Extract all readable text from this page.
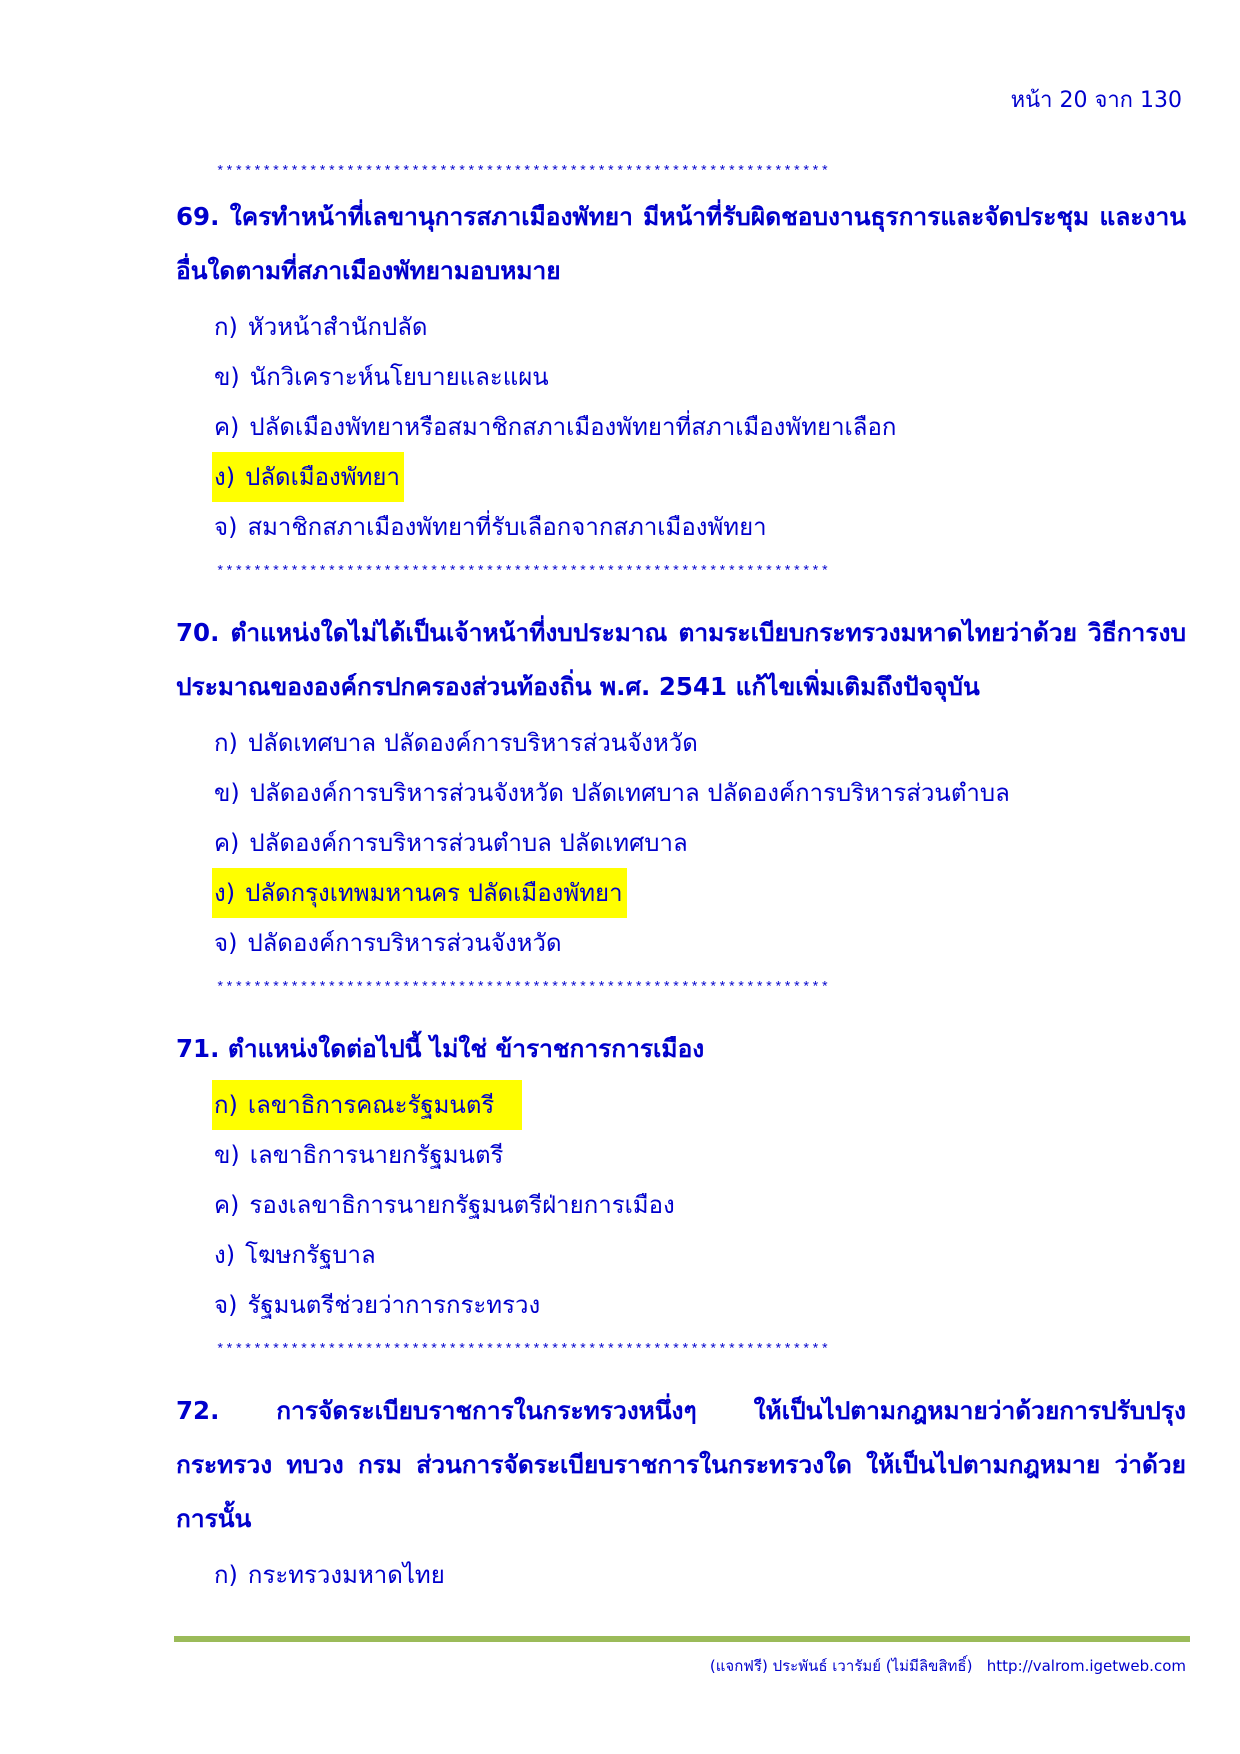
หน้า 20 จาก 130
******************************************************************
69. ใครทำหน้าที่เลขานุการสภาเมืองพัทยา มีหน้าที่รับผิดชอบงานธุรการและจัดประชุม และงานอื่นใดตามที่สภาเมืองพัทยามอบหมาย
ก) หัวหน้าสำนักปลัด
ข) นักวิเคราะห์นโยบายและแผน
ค) ปลัดเมืองพัทยาหรือสมาชิกสภาเมืองพัทยาที่สภาเมืองพัทยาเลือก
ง) ปลัดเมืองพัทยา
จ) สมาชิกสภาเมืองพัทยาที่รับเลือกจากสภาเมืองพัทยา
******************************************************************
70. ตำแหน่งใดไม่ได้เป็นเจ้าหน้าที่งบประมาณ ตามระเบียบกระทรวงมหาดไทยว่าด้วย วิธีการงบประมาณขององค์กรปกครองส่วนท้องถิ่น พ.ศ. 2541 แก้ไขเพิ่มเติมถึงปัจจุบัน
ก) ปลัดเทศบาล ปลัดองค์การบริหารส่วนจังหวัด
ข) ปลัดองค์การบริหารส่วนจังหวัด ปลัดเทศบาล ปลัดองค์การบริหารส่วนตำบล
ค) ปลัดองค์การบริหารส่วนตำบล ปลัดเทศบาล
ง) ปลัดกรุงเทพมหานคร ปลัดเมืองพัทยา
จ) ปลัดองค์การบริหารส่วนจังหวัด
******************************************************************
71. ตำแหน่งใดต่อไปนี้ ไม่ใช่ ข้าราชการการเมือง
ก) เลขาธิการคณะรัฐมนตรี
ข) เลขาธิการนายกรัฐมนตรี
ค) รองเลขาธิการนายกรัฐมนตรีฝ่ายการเมือง
ง) โฆษกรัฐบาล
จ) รัฐมนตรีช่วยว่าการกระทรวง
******************************************************************
72. การจัดระเบียบราชการในกระทรวงหนึ่งๆ ให้เป็นไปตามกฎหมายว่าด้วยการปรับปรุง กระทรวง ทบวง กรม ส่วนการจัดระเบียบราชการในกระทรวงใด ให้เป็นไปตามกฎหมาย ว่าด้วยการนั้น
ก) กระทรวงมหาดไทย
(แจกฟรี) ประพันธ์ เวารัมย์ (ไม่มีลิขสิทธิ์) http://valrom.igetweb.com
